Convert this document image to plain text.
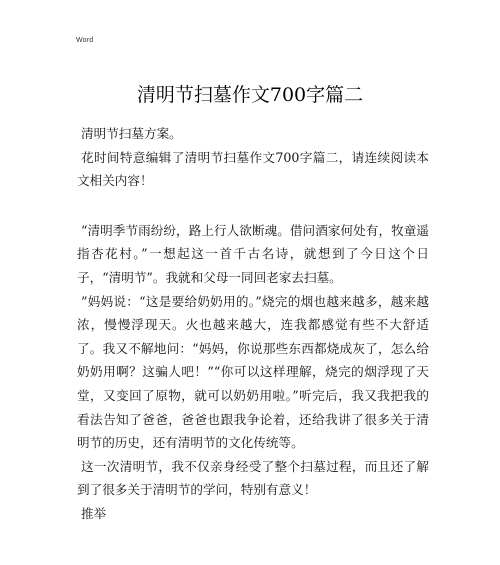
Word
清明节扫墓作文700字篇二

清明节扫墓方案。

花时间特意编辑了清明节扫墓作文700字篇二，请连续阅读本文相关内容！

“清明季节雨纷纷，路上行人欲断魂。借问酒家何处有，牧童遥指杏花村。”一想起这一首千古名诗，就想到了今日这个日子，“清明节”。我就和父母一同回老家去扫墓。

”妈妈说：“这是要给奶奶用的。”烧完的烟也越来越多，越来越浓，慢慢浮现天。火也越来越大，连我都感觉有些不大舒适了。我又不解地问：“妈妈，你说那些东西都烧成灰了，怎么给奶奶用啊？这骗人吧！”“你可以这样理解，烧完的烟浮现了天堂，又变回了原物，就可以奶奶用啦。”听完后，我又我把我的看法告知了爸爸，爸爸也跟我争论着，还给我讲了很多关于清明节的历史，还有清明节的文化传统等。

这一次清明节，我不仅亲身经受了整个扫墓过程，而且还了解到了很多关于清明节的学问，特别有意义！

推举
